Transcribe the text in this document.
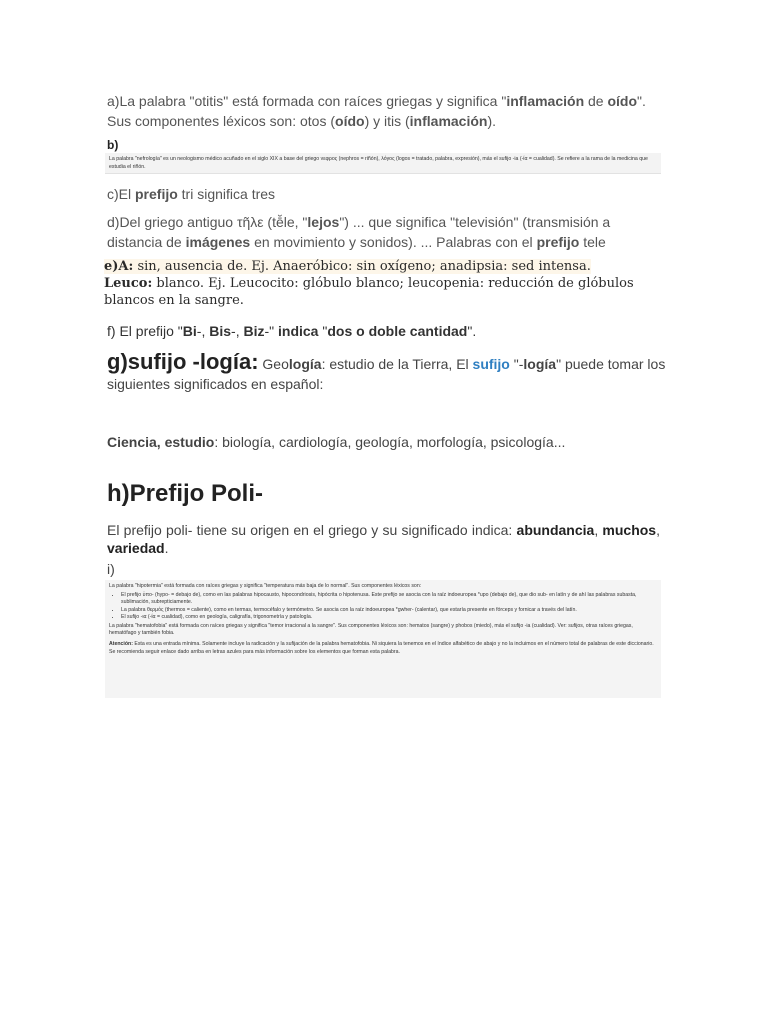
a)La palabra "otitis" está formada con raíces griegas y significa "inflamación de oído". Sus componentes léxicos son: otos (oído) y itis (inflamación).
b)
La palabra "nefrología" es un neologismo médico acuñado en el siglo XIX a base del griego νεφρος (nephros = riñón), λόγος (logos = tratado, palabra, expresión), más el sufijo -ia (-ία = cualidad). Se refiere a la rama de la medicina que estudia el riñón.
c)El prefijo tri significa tres
d)Del griego antiguo τῆλε (tē̆le, "lejos") ... que significa "televisión" (transmisión a distancia de imágenes en movimiento y sonidos). ... Palabras con el prefijo tele
e)A: sin, ausencia de. Ej. Anaeróbico: sin oxígeno; anadipsia: sed intensa.
Leuco: blanco. Ej. Leucocito: glóbulo blanco; leucopenia: reducción de glóbulos blancos en la sangre.
f) El prefijo "Bi-, Bis-, Biz-" indica "dos o doble cantidad".
g)sufijo -logía: Geología: estudio de la Tierra, El sufijo "-logía" puede tomar los siguientes significados en español:
Ciencia, estudio: biología, cardiología, geología, morfología, psicología...
h)Prefijo Poli-
El prefijo poli- tiene su origen en el griego y su significado indica: abundancia, muchos, variedad.
i)
La palabra "hipotermia" está formada con raíces griegas y significa "temperatura más baja de lo normal". Sus componentes léxicos son:
• El prefijo ὑπο- (hypo- = debajo de), como en las palabras hipocausto, hipocondriosis, hipócrita o hipotenusa. Este prefijo se asocia con la raíz indoeuropea *upo (debajo de), que dio sub- en latín y de ahí las palabras subasta, sublimación, subrepticiamente.
• La palabra θερμός (thermos = caliente), como en termas, termocéfalo y termómetro. Se asocia con la raíz indoeuropea *gwher- (calentar), que estaría presente en fórceps y fornicar a través del latín.
• El sufijo -ια (-ία = cualidad), como en geología, caligrafía, trigonometría y patología.

La palabra "hematofobia" está formada con raíces griegas y significa "temor irracional a la sangre". Sus componentes léxicos son: hematos (sangre) y phobos (miedo), más el sufijo -ia (cualidad). Ver: sufijos, otras raíces griegas, hematófago y también fobia.

Atención: Esta es una entrada mínima. Solamente incluye la radicación y la sufijación de la palabra hematofobia. Ni siquiera la tenemos en el índice alfabético de abajo y no la incluimos en el número total de palabras de este diccionario. Se recomienda seguir enlace dado arriba en letras azules para más información sobre los elementos que forman esta palabra.
